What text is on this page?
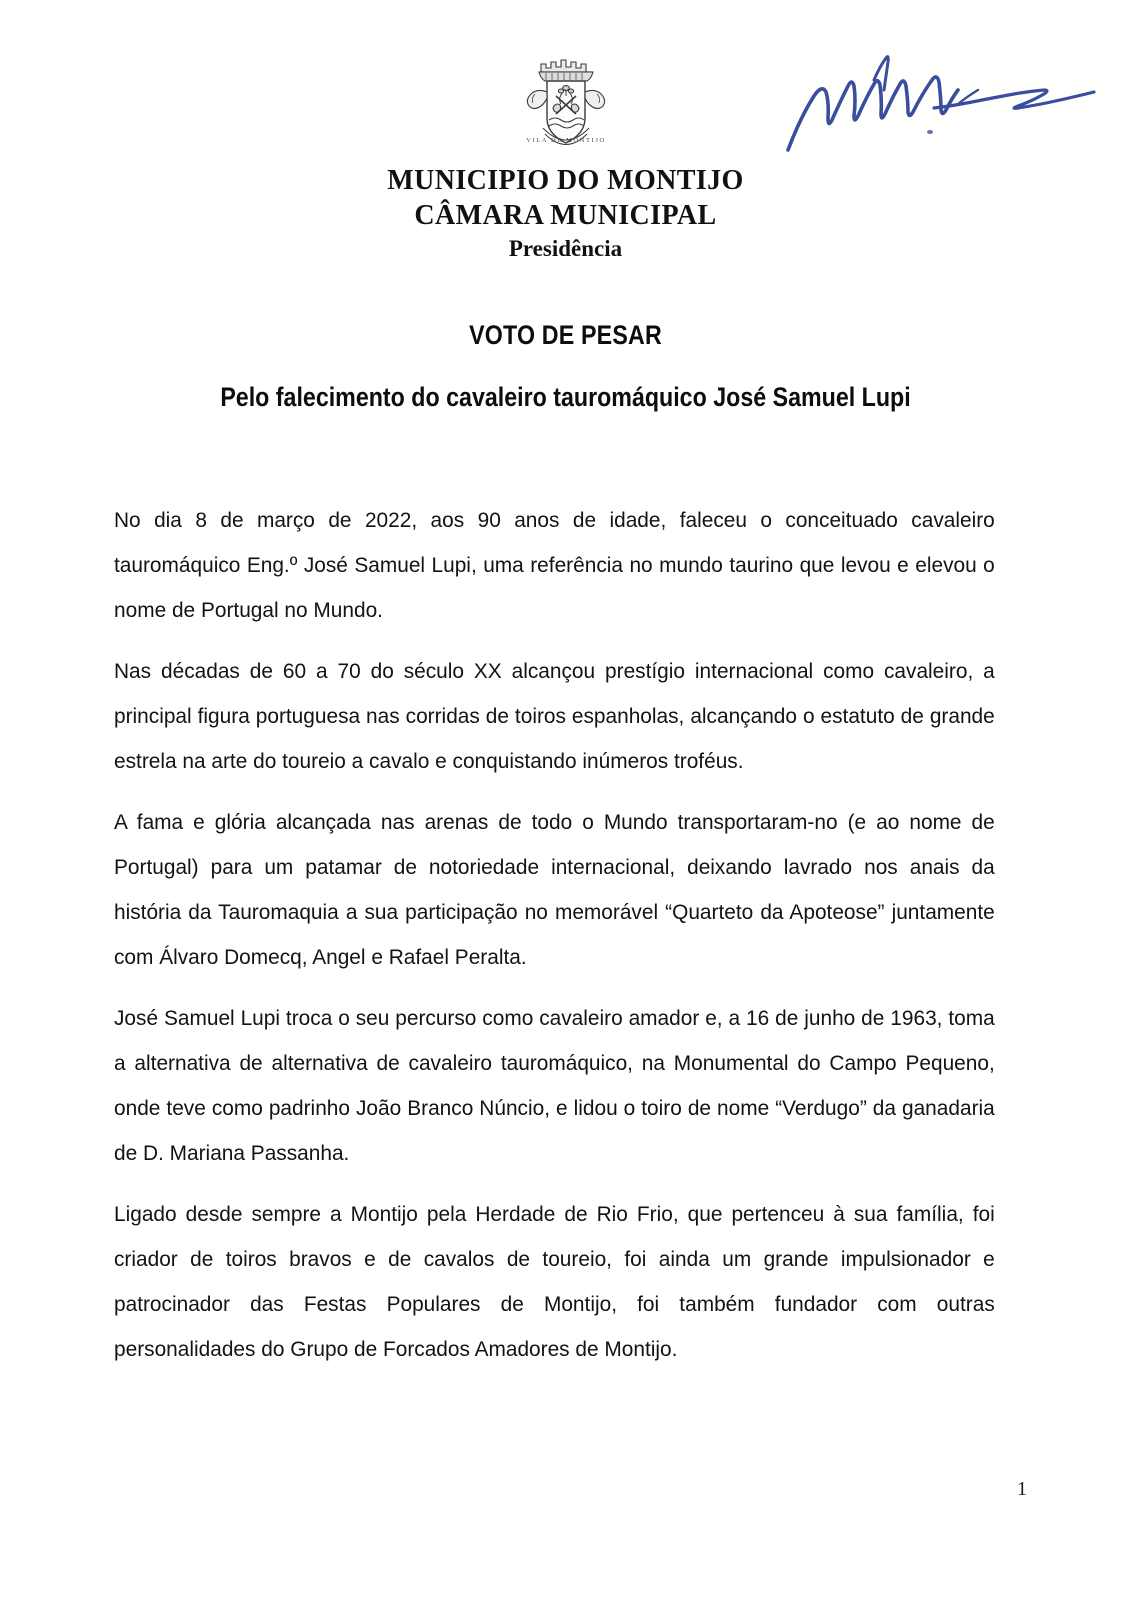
VILA DE MONTIJO
MUNICIPIO DO MONTIJO
CÂMARA MUNICIPAL
Presidência
VOTO DE PESAR
Pelo falecimento do cavaleiro tauromáquico José Samuel Lupi

No dia 8 de março de 2022, aos 90 anos de idade, faleceu o conceituado cavaleiro tauromáquico Eng.º José Samuel Lupi, uma referência no mundo taurino que levou e elevou o nome de Portugal no Mundo.

Nas décadas de 60 a 70 do século XX alcançou prestígio internacional como cavaleiro, a principal figura portuguesa nas corridas de toiros espanholas, alcançando o estatuto de grande estrela na arte do toureio a cavalo e conquistando inúmeros troféus.

A fama e glória alcançada nas arenas de todo o Mundo transportaram-no (e ao nome de Portugal) para um patamar de notoriedade internacional, deixando lavrado nos anais da história da Tauromaquia a sua participação no memorável “Quarteto da Apoteose” juntamente com Álvaro Domecq, Angel e Rafael Peralta.

José Samuel Lupi troca o seu percurso como cavaleiro amador e, a 16 de junho de 1963, toma a alternativa de alternativa de cavaleiro tauromáquico, na Monumental do Campo Pequeno, onde teve como padrinho João Branco Núncio, e lidou o toiro de nome “Verdugo” da ganadaria de D. Mariana Passanha.

Ligado desde sempre a Montijo pela Herdade de Rio Frio, que pertenceu à sua família, foi criador de toiros bravos e de cavalos de toureio, foi ainda um grande impulsionador e patrocinador das Festas Populares de Montijo, foi também fundador com outras personalidades do Grupo de Forcados Amadores de Montijo.

1
